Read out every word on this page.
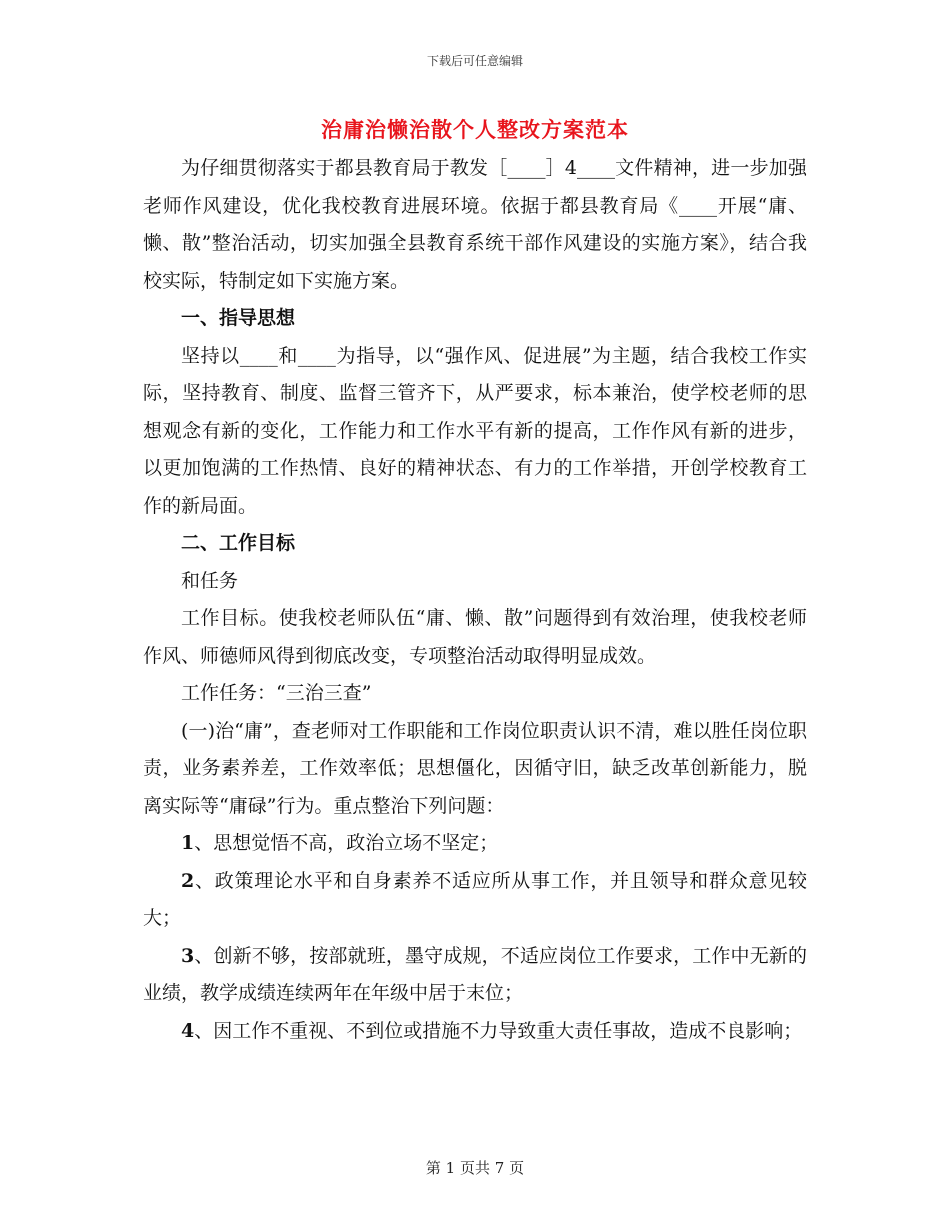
下载后可任意编辑
治庸治懒治散个人整改方案范本

为仔细贯彻落实于都县教育局于教发［____］4____文件精神，进一步加强老师作风建设，优化我校教育进展环境。依据于都县教育局《____开展“庸、懒、散”整治活动，切实加强全县教育系统干部作风建设的实施方案》，结合我校实际，特制定如下实施方案。

一、指导思想

坚持以____和____为指导，以“强作风、促进展”为主题，结合我校工作实际，坚持教育、制度、监督三管齐下，从严要求，标本兼治，使学校老师的思想观念有新的变化，工作能力和工作水平有新的提高，工作作风有新的进步，以更加饱满的工作热情、良好的精神状态、有力的工作举措，开创学校教育工作的新局面。

二、工作目标

和任务

工作目标。使我校老师队伍“庸、懒、散”问题得到有效治理，使我校老师作风、师德师风得到彻底改变，专项整治活动取得明显成效。

工作任务：“三治三查”

(一)治“庸”，查老师对工作职能和工作岗位职责认识不清，难以胜任岗位职责，业务素养差，工作效率低；思想僵化，因循守旧，缺乏改革创新能力，脱离实际等“庸碌”行为。重点整治下列问题：

1、思想觉悟不高，政治立场不坚定；

2、政策理论水平和自身素养不适应所从事工作，并且领导和群众意见较大；

3、创新不够，按部就班，墨守成规，不适应岗位工作要求，工作中无新的业绩，教学成绩连续两年在年级中居于末位；

4、因工作不重视、不到位或措施不力导致重大责任事故，造成不良影响；

第 1 页共 7 页
